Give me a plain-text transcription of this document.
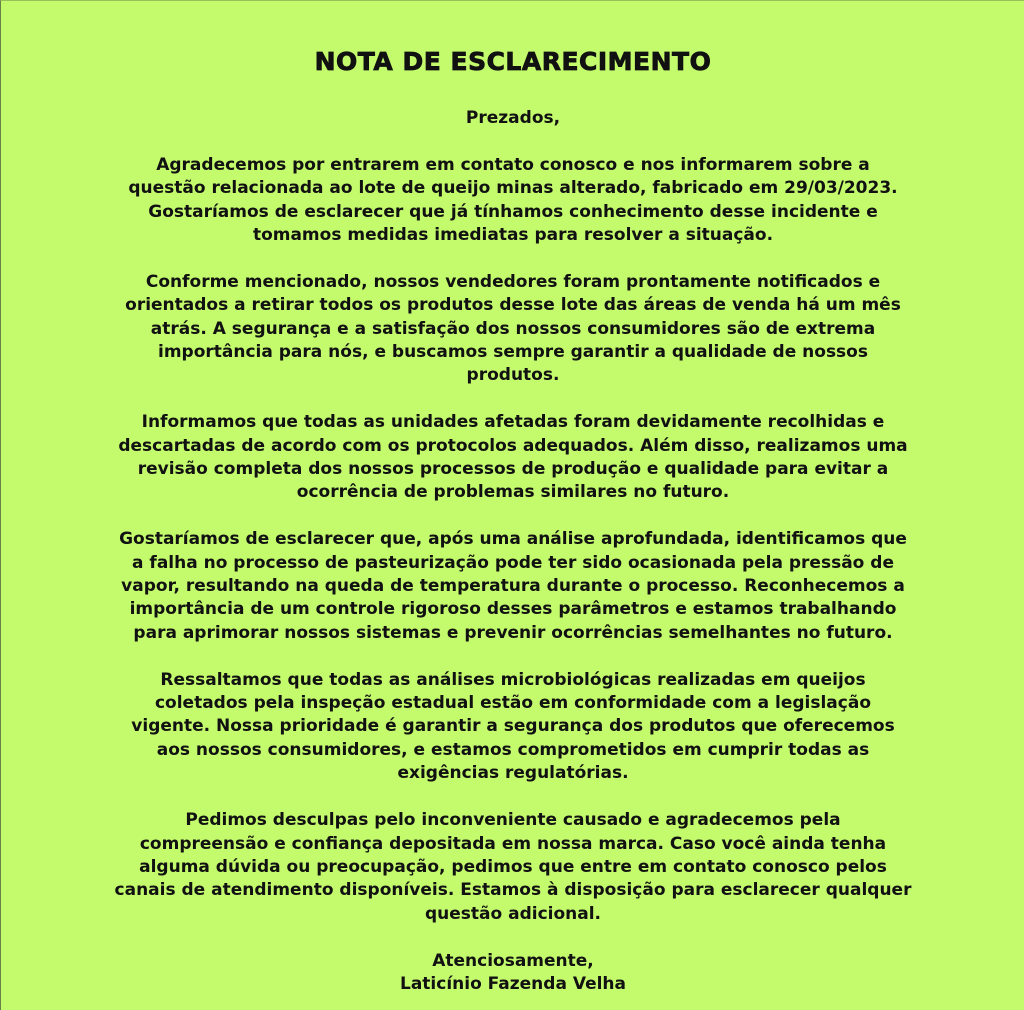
NOTA DE ESCLARECIMENTO

Prezados,

Agradecemos por entrarem em contato conosco e nos informarem sobre a
questão relacionada ao lote de queijo minas alterado, fabricado em 29/03/2023.
Gostaríamos de esclarecer que já tínhamos conhecimento desse incidente e
tomamos medidas imediatas para resolver a situação.

Conforme mencionado, nossos vendedores foram prontamente notificados e
orientados a retirar todos os produtos desse lote das áreas de venda há um mês
atrás. A segurança e a satisfação dos nossos consumidores são de extrema
importância para nós, e buscamos sempre garantir a qualidade de nossos
produtos.

Informamos que todas as unidades afetadas foram devidamente recolhidas e
descartadas de acordo com os protocolos adequados. Além disso, realizamos uma
revisão completa dos nossos processos de produção e qualidade para evitar a
ocorrência de problemas similares no futuro.

Gostaríamos de esclarecer que, após uma análise aprofundada, identificamos que
a falha no processo de pasteurização pode ter sido ocasionada pela pressão de
vapor, resultando na queda de temperatura durante o processo. Reconhecemos a
importância de um controle rigoroso desses parâmetros e estamos trabalhando
para aprimorar nossos sistemas e prevenir ocorrências semelhantes no futuro.

Ressaltamos que todas as análises microbiológicas realizadas em queijos
coletados pela inspeção estadual estão em conformidade com a legislação
vigente. Nossa prioridade é garantir a segurança dos produtos que oferecemos
aos nossos consumidores, e estamos comprometidos em cumprir todas as
exigências regulatórias.

Pedimos desculpas pelo inconveniente causado e agradecemos pela
compreensão e confiança depositada em nossa marca. Caso você ainda tenha
alguma dúvida ou preocupação, pedimos que entre em contato conosco pelos
canais de atendimento disponíveis. Estamos à disposição para esclarecer qualquer
questão adicional.

Atenciosamente,
Laticínio Fazenda Velha
